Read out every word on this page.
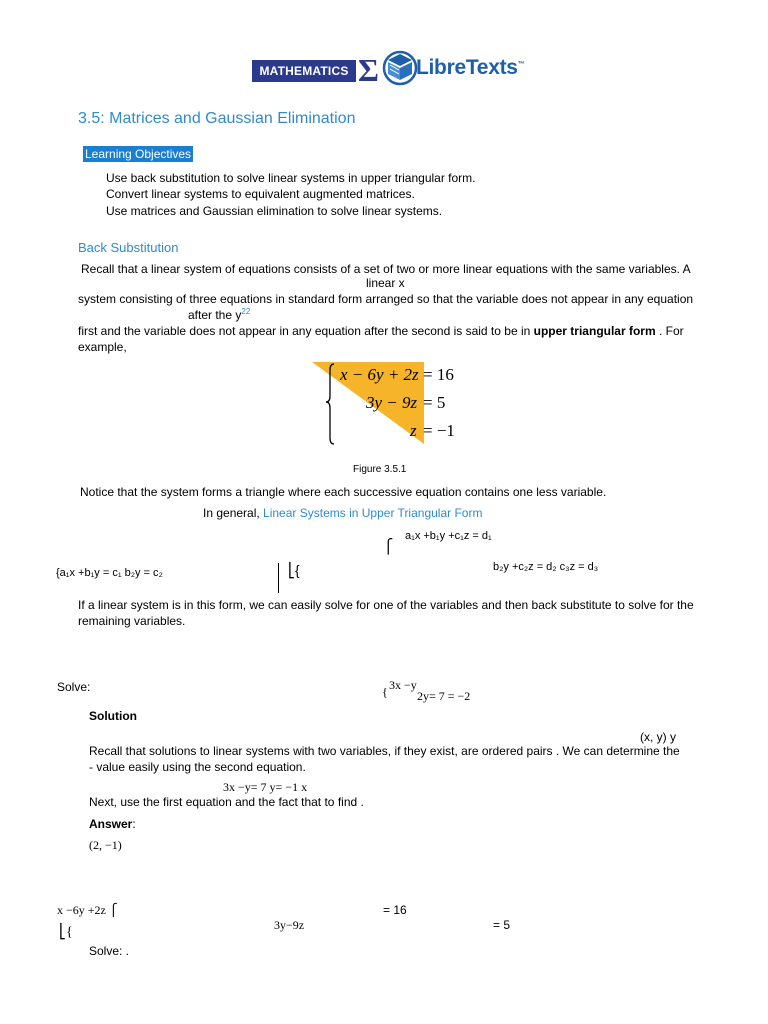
MATHEMATICS Σ LibreTexts™
3.5: Matrices and Gaussian Elimination
Learning Objectives
Use back substitution to solve linear systems in upper triangular form.
Convert linear systems to equivalent augmented matrices.
Use matrices and Gaussian elimination to solve linear systems.
Back Substitution
Recall that a linear system of equations consists of a set of two or more linear equations with the same variables. A
linear x
system consisting of three equations in standard form arranged so that the variable does not appear in any equation
after the $y^{22}$
first and the variable does not appear in any equation after the second is said to be in upper triangular form . For
example,
x − 6y + 2z = 16
3y − 9z = 5
z = −1
Figure 3.5.1
Notice that the system forms a triangle where each successive equation contains one less variable.
In general, Linear Systems in Upper Triangular Form
a₁x +b₁y +c₁z = d₁
⎧
b₂y +c₂z = d₂ c₃z = d₃
{a₁x +b₁y = c₁ b₂y = c₂	⎣{
If a linear system is in this form, we can easily solve for one of the variables and then back substitute to solve for the
remaining variables.
Solve:	{ 3x −y
2y= 7 = −2
Solution
(x, y) y
Recall that solutions to linear systems with two variables, if they exist, are ordered pairs . We can determine the
- value easily using the second equation.
3x −y= 7 y= −1 x
Next, use the first equation and the fact that to find .
Answer:
(2, −1)
x −6y +2z ⎧	= 16
⎣{	3y−9z	= 5
Solve: .
